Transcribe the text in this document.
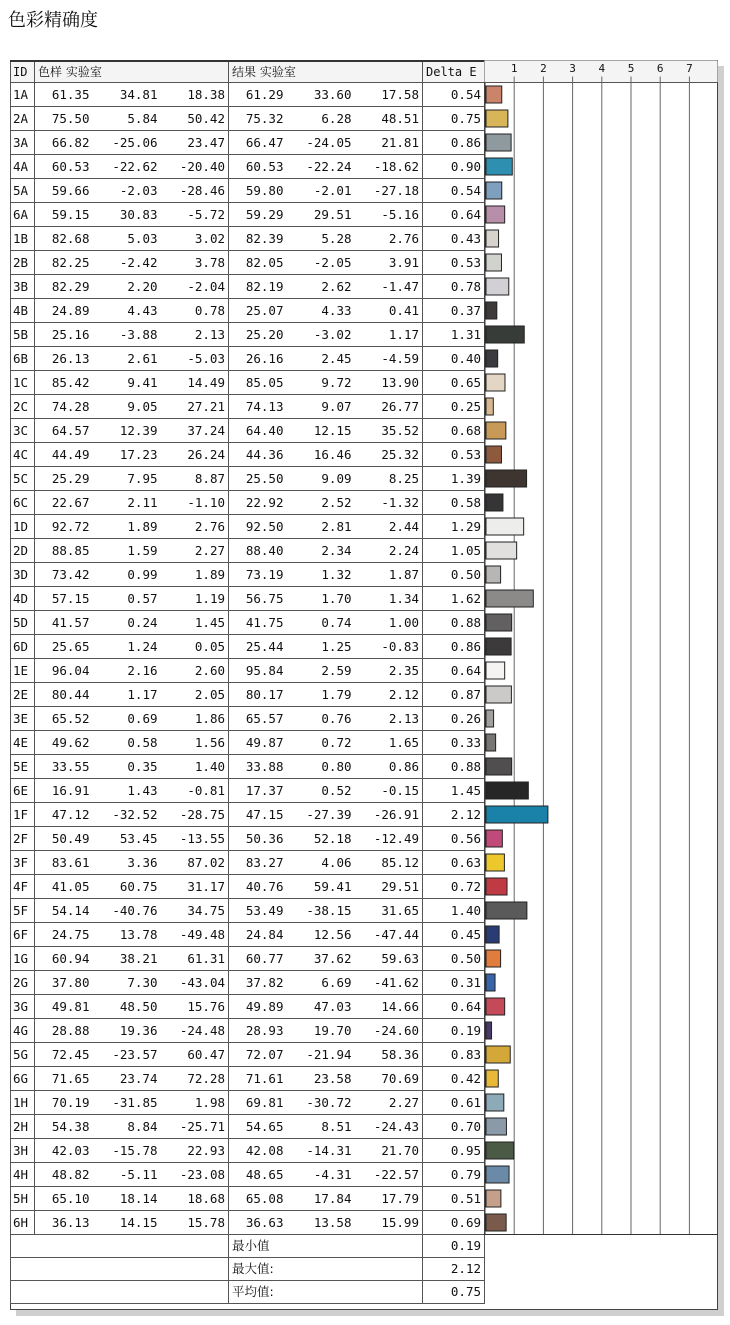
色彩精确度
ID	色样 实验室			结果 实验室			Delta E
1A	61.35	34.81	18.38	61.29	33.60	17.58	0.54
2A	75.50	5.84	50.42	75.32	6.28	48.51	0.75
3A	66.82	-25.06	23.47	66.47	-24.05	21.81	0.86
4A	60.53	-22.62	-20.40	60.53	-22.24	-18.62	0.90
5A	59.66	-2.03	-28.46	59.80	-2.01	-27.18	0.54
6A	59.15	30.83	-5.72	59.29	29.51	-5.16	0.64
1B	82.68	5.03	3.02	82.39	5.28	2.76	0.43
2B	82.25	-2.42	3.78	82.05	-2.05	3.91	0.53
3B	82.29	2.20	-2.04	82.19	2.62	-1.47	0.78
4B	24.89	4.43	0.78	25.07	4.33	0.41	0.37
5B	25.16	-3.88	2.13	25.20	-3.02	1.17	1.31
6B	26.13	2.61	-5.03	26.16	2.45	-4.59	0.40
1C	85.42	9.41	14.49	85.05	9.72	13.90	0.65
2C	74.28	9.05	27.21	74.13	9.07	26.77	0.25
3C	64.57	12.39	37.24	64.40	12.15	35.52	0.68
4C	44.49	17.23	26.24	44.36	16.46	25.32	0.53
5C	25.29	7.95	8.87	25.50	9.09	8.25	1.39
6C	22.67	2.11	-1.10	22.92	2.52	-1.32	0.58
1D	92.72	1.89	2.76	92.50	2.81	2.44	1.29
2D	88.85	1.59	2.27	88.40	2.34	2.24	1.05
3D	73.42	0.99	1.89	73.19	1.32	1.87	0.50
4D	57.15	0.57	1.19	56.75	1.70	1.34	1.62
5D	41.57	0.24	1.45	41.75	0.74	1.00	0.88
6D	25.65	1.24	0.05	25.44	1.25	-0.83	0.86
1E	96.04	2.16	2.60	95.84	2.59	2.35	0.64
2E	80.44	1.17	2.05	80.17	1.79	2.12	0.87
3E	65.52	0.69	1.86	65.57	0.76	2.13	0.26
4E	49.62	0.58	1.56	49.87	0.72	1.65	0.33
5E	33.55	0.35	1.40	33.88	0.80	0.86	0.88
6E	16.91	1.43	-0.81	17.37	0.52	-0.15	1.45
1F	47.12	-32.52	-28.75	47.15	-27.39	-26.91	2.12
2F	50.49	53.45	-13.55	50.36	52.18	-12.49	0.56
3F	83.61	3.36	87.02	83.27	4.06	85.12	0.63
4F	41.05	60.75	31.17	40.76	59.41	29.51	0.72
5F	54.14	-40.76	34.75	53.49	-38.15	31.65	1.40
6F	24.75	13.78	-49.48	24.84	12.56	-47.44	0.45
1G	60.94	38.21	61.31	60.77	37.62	59.63	0.50
2G	37.80	7.30	-43.04	37.82	6.69	-41.62	0.31
3G	49.81	48.50	15.76	49.89	47.03	14.66	0.64
4G	28.88	19.36	-24.48	28.93	19.70	-24.60	0.19
5G	72.45	-23.57	60.47	72.07	-21.94	58.36	0.83
6G	71.65	23.74	72.28	71.61	23.58	70.69	0.42
1H	70.19	-31.85	1.98	69.81	-30.72	2.27	0.61
2H	54.38	8.84	-25.71	54.65	8.51	-24.43	0.70
3H	42.03	-15.78	22.93	42.08	-14.31	21.70	0.95
4H	48.82	-5.11	-23.08	48.65	-4.31	-22.57	0.79
5H	65.10	18.14	18.68	65.08	17.84	17.79	0.51
6H	36.13	14.15	15.78	36.63	13.58	15.99	0.69
				最小值			0.19
				最大值:			2.12
				平均值:			0.75
1 2 3 4 5 6 7
